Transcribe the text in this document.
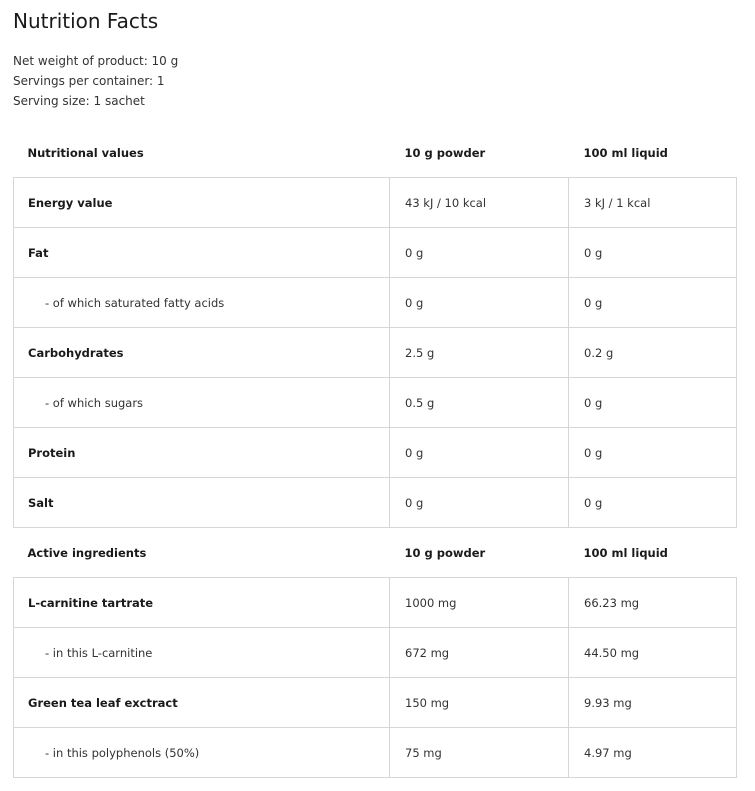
Nutrition Facts
Net weight of product: 10 g
Servings per container: 1
Serving size: 1 sachet
Nutritional values	10 g powder	100 ml liquid
Energy value	43 kJ / 10 kcal	3 kJ / 1 kcal
Fat	0 g	0 g
- of which saturated fatty acids	0 g	0 g
Carbohydrates	2.5 g	0.2 g
- of which sugars	0.5 g	0 g
Protein	0 g	0 g
Salt	0 g	0 g
Active ingredients	10 g powder	100 ml liquid
L-carnitine tartrate	1000 mg	66.23 mg
- in this L-carnitine	672 mg	44.50 mg
Green tea leaf exctract	150 mg	9.93 mg
- in this polyphenols (50%)	75 mg	4.97 mg
